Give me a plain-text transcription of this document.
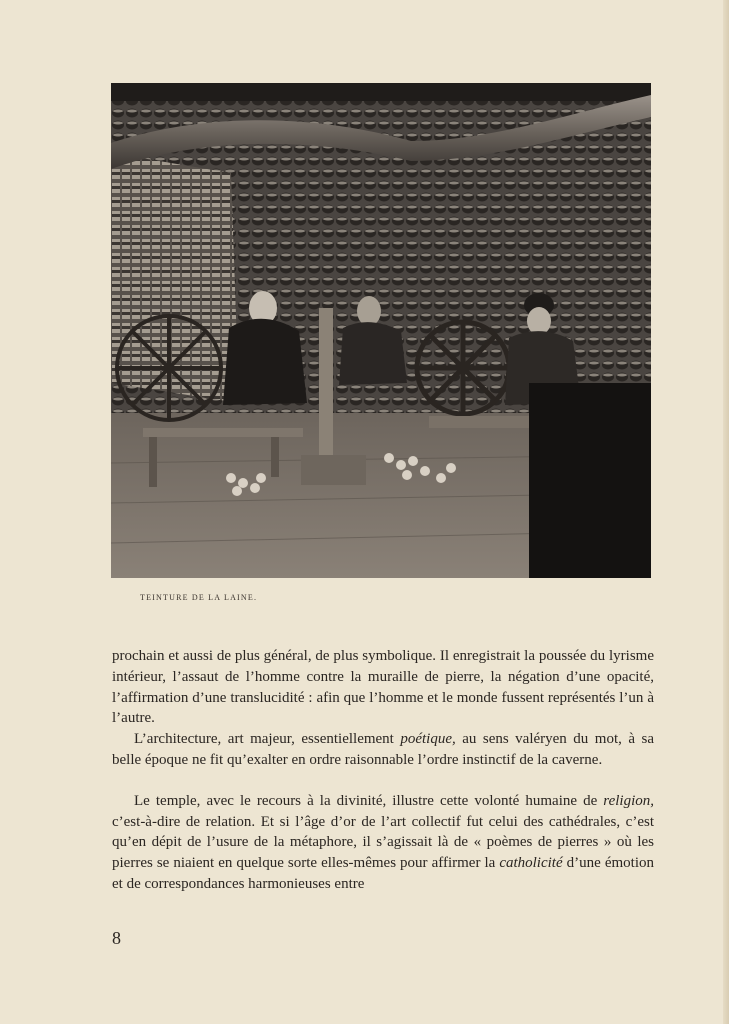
TEINTURE DE LA LAINE.

prochain et aussi de plus général, de plus symbolique. Il enregistrait la poussée du lyrisme intérieur, l’assaut de l’homme contre la muraille de pierre, la négation d’une opacité, l’affirmation d’une translucidité : afin que l’homme et le monde fussent représentés l’un à l’autre.

L’architecture, art majeur, essentiellement poétique, au sens valéryen du mot, à sa belle époque ne fit qu’exalter en ordre raisonnable l’ordre instinctif de la caverne.

Le temple, avec le recours à la divinité, illustre cette volonté humaine de religion, c’est-à-dire de relation. Et si l’âge d’or de l’art collectif fut celui des cathédrales, c’est qu’en dépit de l’usure de la métaphore, il s’agissait là de « poèmes de pierres » où les pierres se niaient en quelque sorte elles-mêmes pour affirmer la catholicité d’une émotion et de correspondances harmonieuses entre

8
